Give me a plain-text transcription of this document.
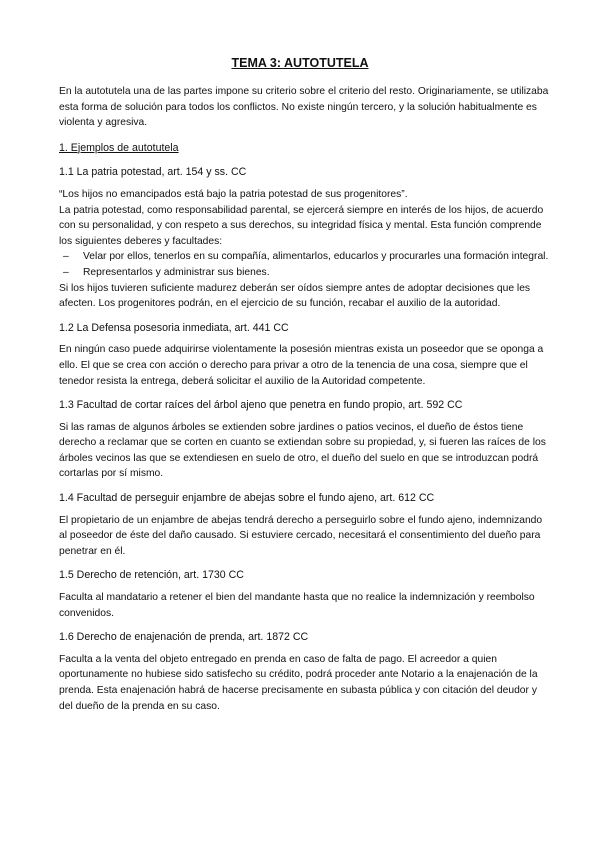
TEMA 3: AUTOTUTELA

En la autotutela una de las partes impone su criterio sobre el criterio del resto. Originariamente, se utilizaba esta forma de solución para todos los conflictos. No existe ningún tercero, y la solución habitualmente es violenta y agresiva.

1. Ejemplos de autotutela

1.1 La patria potestad, art. 154 y ss. CC

“Los hijos no emancipados está bajo la patria potestad de sus progenitores”.

La patria potestad, como responsabilidad parental, se ejercerá siempre en interés de los hijos, de acuerdo con su personalidad, y con respeto a sus derechos, su integridad física y mental. Esta función comprende los siguientes deberes y facultades:

– Velar por ellos, tenerlos en su compañía, alimentarlos, educarlos y procurarles una formación integral.
– Representarlos y administrar sus bienes.

Si los hijos tuvieren suficiente madurez deberán ser oídos siempre antes de adoptar decisiones que les afecten. Los progenitores podrán, en el ejercicio de su función, recabar el auxilio de la autoridad.

1.2 La Defensa posesoria inmediata, art. 441 CC

En ningún caso puede adquirirse violentamente la posesión mientras exista un poseedor que se oponga a ello. El que se crea con acción o derecho para privar a otro de la tenencia de una cosa, siempre que el tenedor resista la entrega, deberá solicitar el auxilio de la Autoridad competente.

1.3 Facultad de cortar raíces del árbol ajeno que penetra en fundo propio, art. 592 CC

Si las ramas de algunos árboles se extienden sobre jardines o patios vecinos, el dueño de éstos tiene derecho a reclamar que se corten en cuanto se extiendan sobre su propiedad, y, si fueren las raíces de los árboles vecinos las que se extendiesen en suelo de otro, el dueño del suelo en que se introduzcan podrá cortarlas por sí mismo.

1.4 Facultad de perseguir enjambre de abejas sobre el fundo ajeno, art. 612 CC

El propietario de un enjambre de abejas tendrá derecho a perseguirlo sobre el fundo ajeno, indemnizando al poseedor de éste del daño causado. Si estuviere cercado, necesitará el consentimiento del dueño para penetrar en él.

1.5 Derecho de retención, art. 1730 CC

Faculta al mandatario a retener el bien del mandante hasta que no realice la indemnización y reembolso convenidos.

1.6 Derecho de enajenación de prenda, art. 1872 CC

Faculta a la venta del objeto entregado en prenda en caso de falta de pago. El acreedor a quien oportunamente no hubiese sido satisfecho su crédito, podrá proceder ante Notario a la enajenación de la prenda. Esta enajenación habrá de hacerse precisamente en subasta pública y con citación del deudor y del dueño de la prenda en su caso.
